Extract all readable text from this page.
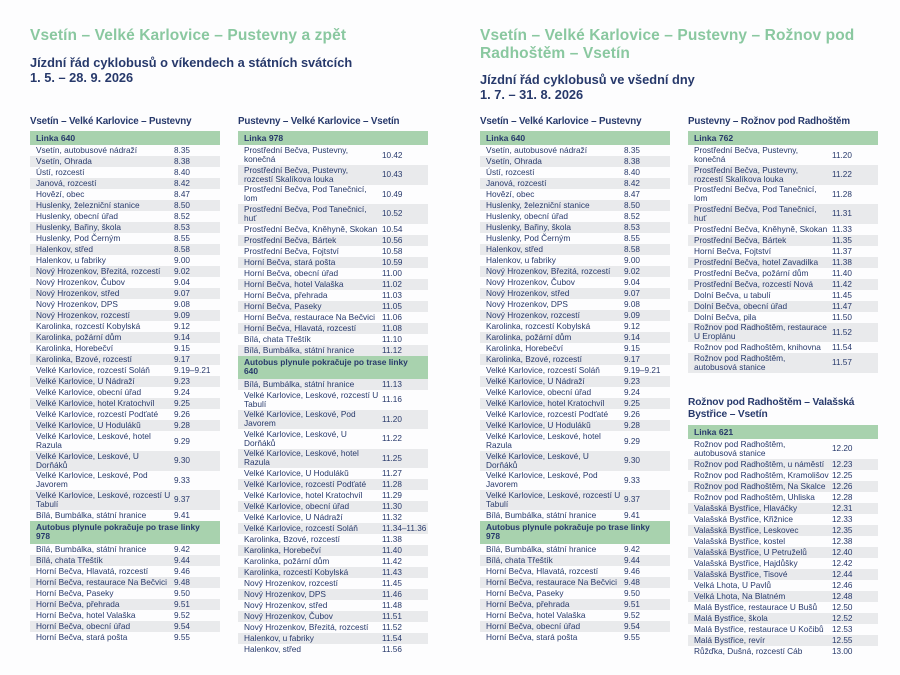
Vsetín – Velké Karlovice – Pustevny a zpět
Jízdní řád cyklobusů o víkendech a státních svátcích
1. 5. – 28. 9. 2026
Vsetín – Velké Karlovice – Pustevny
Linka 640
Vsetín, autobusové nádraží	8.35
Vsetín, Ohrada	8.38
Ústí, rozcestí	8.40
Janová, rozcestí	8.42
Hovězí, obec	8.47
Huslenky, železniční stanice	8.50
Huslenky, obecní úřad	8.52
Huslenky, Bařiny, škola	8.53
Huslenky, Pod Černým	8.55
Halenkov, střed	8.58
Halenkov, u fabriky	9.00
Nový Hrozenkov, Březitá, rozcestí	9.02
Nový Hrozenkov, Čubov	9.04
Nový Hrozenkov, střed	9.07
Nový Hrozenkov, DPS	9.08
Nový Hrozenkov, rozcestí	9.09
Karolinka, rozcestí Kobylská	9.12
Karolinka, požární dům	9.14
Karolinka, Horebečví	9.15
Karolinka, Bzové, rozcestí	9.17
Velké Karlovice, rozcestí Soláň	9.19–9.21
Velké Karlovice, U Nádraží	9.23
Velké Karlovice, obecní úřad	9.24
Velké Karlovice, hotel Kratochvíl	9.25
Velké Karlovice, rozcestí Podťaté	9.26
Velké Karlovice, U Hodulákŭ	9.28
Velké Karlovice, Leskové, hotel Razula	9.29
Velké Karlovice, Leskové, U Dorňáků	9.30
Velké Karlovice, Leskové, Pod Javorem	9.33
Velké Karlovice, Leskové, rozcestí U Tabulí	9.37
Bílá, Bumbálka, státní hranice	9.41
Autobus plynule pokračuje po trase linky 978
Bílá, Bumbálka, státní hranice	9.42
Bílá, chata Třeštík	9.44
Horní Bečva, Hlavatá, rozcestí	9.46
Horní Bečva, restaurace Na Bečvici 9.48
Horní Bečva, Paseky	9.50
Horní Bečva, přehrada	9.51
Horní Bečva, hotel Valaška	9.52
Horní Bečva, obecní úřad	9.54
Horní Bečva, stará pošta	9.55
Pustevny – Velké Karlovice – Vsetín
Linka 978
Prostřední Bečva, Pustevny, konečná	10.42
Prostřední Bečva, Pustevny, rozcestí Skalíkova louka	10.43
Prostřední Bečva, Pod Tanečnicí, lom	10.49
Prostřední Bečva, Pod Tanečnicí, huť	10.52
Prostřední Bečva, Kněhyně, Skokan 10.54
Prostřední Bečva, Bártek	10.56
Prostřední Bečva, Fojtství	10.58
Horní Bečva, stará pošta	10.59
Horní Bečva, obecní úřad	11.00
Horní Bečva, hotel Valaška	11.02
Horní Bečva, přehrada	11.03
Horní Bečva, Paseky	11.05
Horní Bečva, restaurace Na Bečvici 11.06
Horní Bečva, Hlavatá, rozcestí	11.08
Bílá, chata Třeštík	11.10
Bílá, Bumbálka, státní hranice	11.12
Autobus plynule pokračuje po trase linky 640
Bílá, Bumbálka, státní hranice	11.13
Velké Karlovice, Leskové, rozcestí U Tabulí	11.16
Velké Karlovice, Leskové, Pod Javorem	11.20
Velké Karlovice, Leskové, U Dorňáků	11.22
Velké Karlovice, Leskové, hotel Razula	11.25
Velké Karlovice, U Hodulákŭ	11.27
Velké Karlovice, rozcestí Podťaté	11.28
Velké Karlovice, hotel Kratochvíl	11.29
Velké Karlovice, obecní úřad	11.30
Velké Karlovice, U Nádraží	11.32
Velké Karlovice, rozcestí Soláň	11.34–11.36
Karolinka, Bzové, rozcestí	11.38
Karolinka, Horebečví	11.40
Karolinka, požární dům	11.42
Karolinka, rozcestí Kobylská	11.43
Nový Hrozenkov, rozcestí	11.45
Nový Hrozenkov, DPS	11.46
Nový Hrozenkov, střed	11.48
Nový Hrozenkov, Čubov	11.51
Nový Hrozenkov, Březitá, rozcestí	11.52
Halenkov, u fabriky	11.54
Halenkov, střed	11.56
Vsetín – Velké Karlovice – Pustevny – Rožnov pod Radhoštěm – Vsetín
Jízdní řád cyklobusů ve všední dny
1. 7. – 31. 8. 2026
Vsetín – Velké Karlovice – Pustevny
Linka 640
Vsetín, autobusové nádraží	8.35
Vsetín, Ohrada	8.38
Ústí, rozcestí	8.40
Janová, rozcestí	8.42
Hovězí, obec	8.47
Huslenky, železniční stanice	8.50
Huslenky, obecní úřad	8.52
Huslenky, Bařiny, škola	8.53
Huslenky, Pod Černým	8.55
Halenkov, střed	8.58
Halenkov, u fabriky	9.00
Nový Hrozenkov, Březitá, rozcestí	9.02
Nový Hrozenkov, Čubov	9.04
Nový Hrozenkov, střed	9.07
Nový Hrozenkov, DPS	9.08
Nový Hrozenkov, rozcestí	9.09
Karolinka, rozcestí Kobylská	9.12
Karolinka, požární dům	9.14
Karolinka, Horebečví	9.15
Karolinka, Bzové, rozcestí	9.17
Velké Karlovice, rozcestí Soláň	9.19–9.21
Velké Karlovice, U Nádraží	9.23
Velké Karlovice, obecní úřad	9.24
Velké Karlovice, hotel Kratochvíl	9.25
Velké Karlovice, rozcestí Podťaté	9.26
Velké Karlovice, U Hodulákŭ	9.28
Velké Karlovice, Leskové, hotel Razula	9.29
Velké Karlovice, Leskové, U Dorňáků	9.30
Velké Karlovice, Leskové, Pod Javorem	9.33
Velké Karlovice, Leskové, rozcestí U Tabulí	9.37
Bílá, Bumbálka, státní hranice	9.41
Autobus plynule pokračuje po trase linky 978
Bílá, Bumbálka, státní hranice	9.42
Bílá, chata Třeštík	9.44
Horní Bečva, Hlavatá, rozcestí	9.46
Horní Bečva, restaurace Na Bečvici 9.48
Horní Bečva, Paseky	9.50
Horní Bečva, přehrada	9.51
Horní Bečva, hotel Valaška	9.52
Horní Bečva, obecní úřad	9.54
Horní Bečva, stará pošta	9.55
Pustevny – Rožnov pod Radhoštěm
Linka 762
Prostřední Bečva, Pustevny, konečná	11.20
Prostřední Bečva, Pustevny, rozcestí Skalíkova louka	11.22
Prostřední Bečva, Pod Tanečnicí, lom	11.28
Prostřední Bečva, Pod Tanečnicí, huť	11.31
Prostřední Bečva, Kněhyně, Skokan 11.33
Prostřední Bečva, Bártek	11.35
Horní Bečva, Fojtství	11.37
Prostřední Bečva, hotel Zavadilka	11.38
Prostřední Bečva, požární dům	11.40
Prostřední Bečva, rozcestí Nová	11.42
Dolní Bečva, u tabulí	11.45
Dolní Bečva, obecní úřad	11.47
Dolní Bečva, pila	11.50
Rožnov pod Radhoštěm, restaurace U Eroplánu	11.52
Rožnov pod Radhoštěm, knihovna	11.54
Rožnov pod Radhoštěm, autobusová stanice	11.57
Rožnov pod Radhoštěm – Valašská Bystřice – Vsetín
Linka 621
Rožnov pod Radhoštěm, autobusová stanice	12.20
Rožnov pod Radhoštěm, u náměstí 12.23
Rožnov pod Radhoštěm, Kramolišov 12.25
Rožnov pod Radhoštěm, Na Skalce 12.26
Rožnov pod Radhoštěm, Uhliska	12.28
Valašská Bystřice, Hlaváčky	12.31
Valašská Bystřice, Křižnice	12.33
Valašská Bystřice, Leskovec	12.35
Valašská Bystřice, kostel	12.38
Valašská Bystřice, U Petruželů	12.40
Valašská Bystřice, Hajdůšky	12.42
Valašská Bystřice, Tisové	12.44
Velká Lhota, U Pavlů	12.46
Velká Lhota, Na Blatném	12.48
Malá Bystřice, restaurace U Bušů	12.50
Malá Bystřice, škola	12.52
Malá Bystřice, restaurace U Kočibů	12.53
Malá Bystřice, revír	12.55
Růžďka, Dušná, rozcestí Cáb	13.00
